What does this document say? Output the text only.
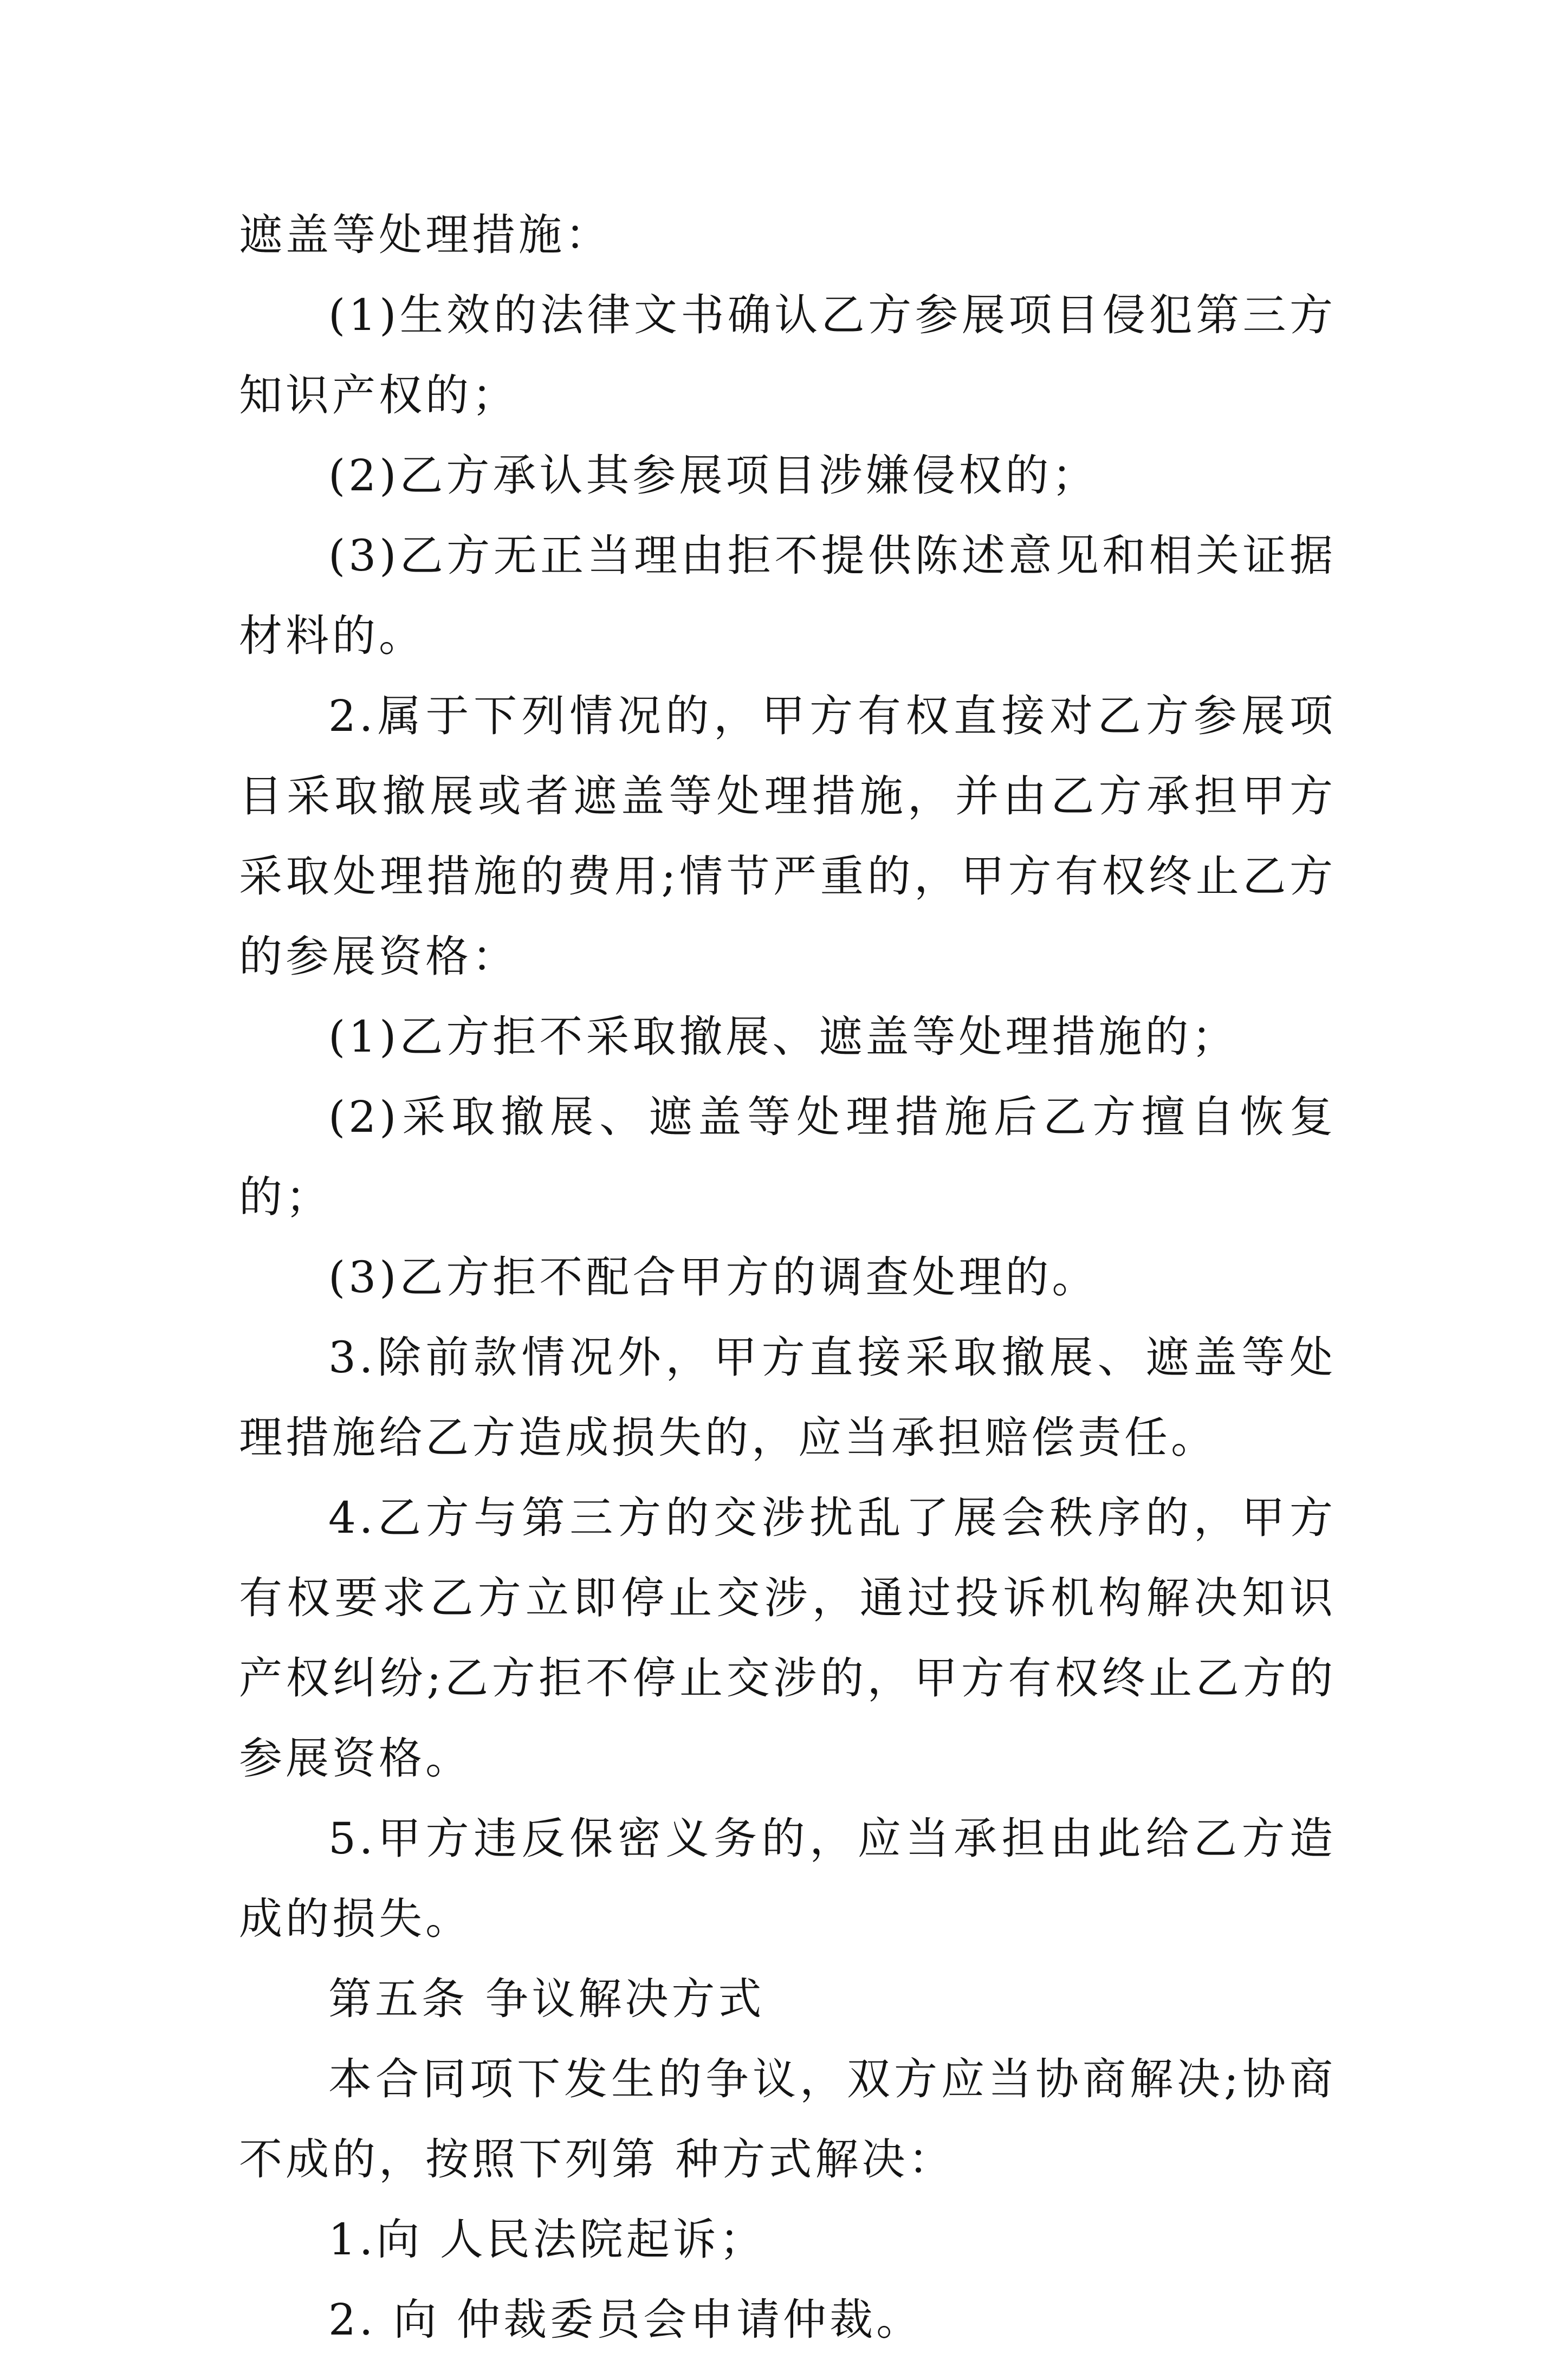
遮盖等处理措施：

(1)生效的法律文书确认乙方参展项目侵犯第三方知识产权的；

(2)乙方承认其参展项目涉嫌侵权的；

(3)乙方无正当理由拒不提供陈述意见和相关证据材料的。

2.属于下列情况的，甲方有权直接对乙方参展项目采取撤展或者遮盖等处理措施，并由乙方承担甲方采取处理措施的费用;情节严重的，甲方有权终止乙方的参展资格：

(1)乙方拒不采取撤展、遮盖等处理措施的；

(2)采取撤展、遮盖等处理措施后乙方擅自恢复的；

(3)乙方拒不配合甲方的调查处理的。

3.除前款情况外，甲方直接采取撤展、遮盖等处理措施给乙方造成损失的，应当承担赔偿责任。

4.乙方与第三方的交涉扰乱了展会秩序的，甲方有权要求乙方立即停止交涉，通过投诉机构解决知识产权纠纷;乙方拒不停止交涉的，甲方有权终止乙方的参展资格。

5.甲方违反保密义务的，应当承担由此给乙方造成的损失。

第五条 争议解决方式

本合同项下发生的争议，双方应当协商解决;协商不成的，按照下列第 种方式解决：

1.向 人民法院起诉；

2. 向 仲裁委员会申请仲裁。
